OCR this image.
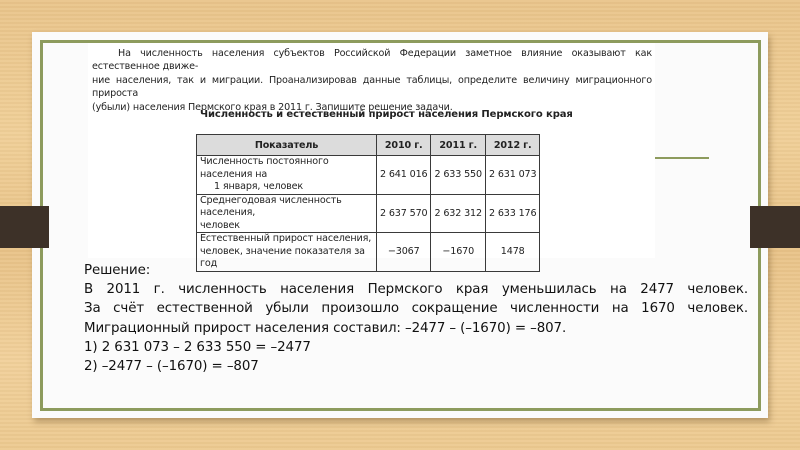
На численность населения субъектов Российской Федерации заметное влияние оказывают как естественное движе-
ние населения, так и миграции. Проанализировав данные таблицы, определите величину миграционного прироста
(убыли) населения Пермского края в 2011 г. Запишите решение задачи.
Численность и естественный прирост населения Пермского края
Показатель	2010 г.	2011 г.	2012 г.

Численность постоянного населения на
1 января, человек	2 641 016	2 633 550	2 631 073

Среднегодовая численность населения,
человек	2 637 570	2 632 312	2 633 176

Естественный прирост населения,
человек, значение показателя за год	−3067	−1670	1478
Решение:
В 2011 г. численность населения Пермского края уменьшилась на 2477 человек.
За счёт естественной убыли произошло сокращение численности на 1670 человек.
Миграционный прирост населения составил: –2477 – (–1670) = –807.
1) 2 631 073 – 2 633 550 = –2477
2) –2477 – (–1670) = –807
